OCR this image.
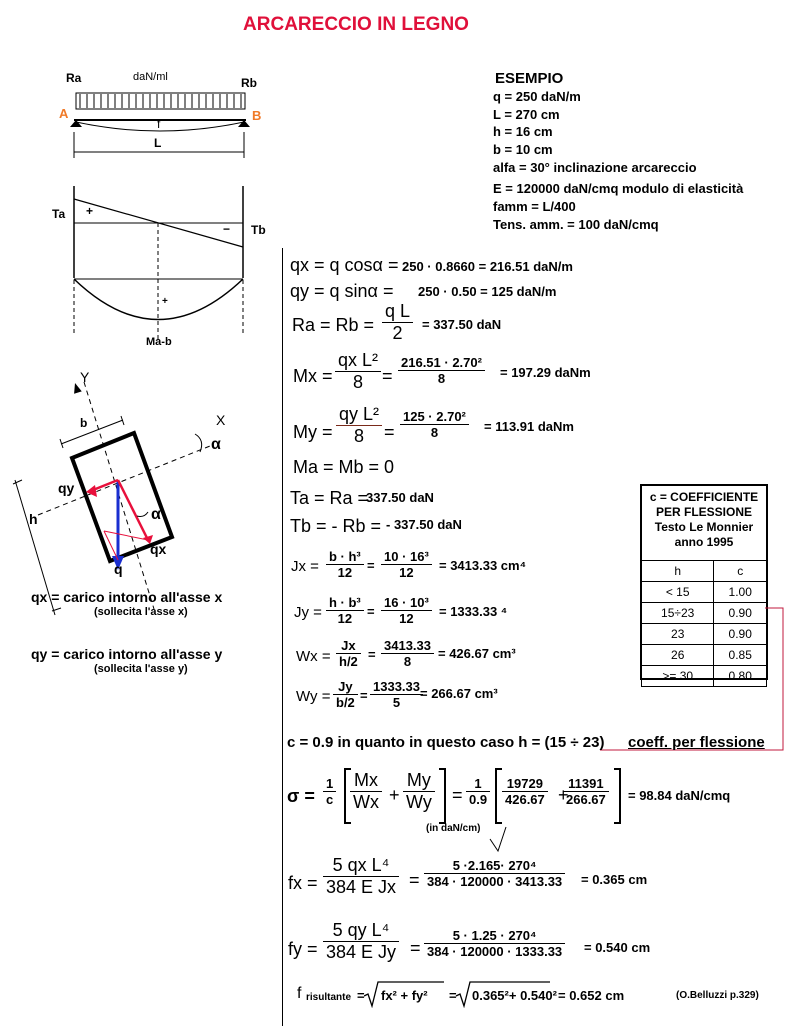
ARCARECCIO IN LEGNO
Ra	daN/ml	Rb
A	B
f
L
Ta +
− Tb
+
Ma-b
Y
X
b
α
qy
h	α
qx
q
qx = carico intorno all'asse x
(sollecita l'asse x)
qy = carico intorno all'asse y
(sollecita l'asse y)
ESEMPIO
q = 250 daN/m
L = 270 cm
h = 16 cm
b = 10 cm
alfa = 30° inclinazione arcareccio
E = 120000 daN/cmq modulo di elasticità
famm = L/400
Tens. amm. = 100 daN/cmq
qx = q cosα = 250 · 0.8660 = 216.51 daN/m
qy = q sinα = 250 · 0.50 = 125 daN/m
Ra = Rb =
q L
2 = 337.50 daN
Mx =
qx L²
8 =
216.51 · 2.70²
8	= 197.29 daNm
My =
qy L²
8 =
125 · 2.70²
8	= 113.91 daNm
Ma = Mb = 0
Ta = Ra =
337.50 daN
Tb = - Rb = - 337.50 daN
Jx =
b · h³
12 =
10 · 16³
12 = 3413.33 cm⁴
Jy =
h · b³
12 =
16 · 10³
12 = 1333.33 ⁴
Wx =
Jx
h/2 =
3413.33
8
= 426.67 cm³
Wy =
Jy
b/2 =
1333.33
5
= 266.67 cm³
c = COEFFICIENTE
PER FLESSIONE
Testo Le Monnier
anno 1995
h	c
< 15	1.00
15÷23	0.90
23	0.90
26	0.85
>= 30	0.80
c = 0.9 in quanto in questo caso h = (15 ÷ 23) coeff. per flessione
σ =
1
c
Mx
Wx +
My
Wy =
1
0.9
19729
426.67 +
11391
266.67 = 98.84 daN/cmq
(in daN/cm)
fx =
5 qx L⁴
384 E Jx =
5 ·2.165· 270⁴
384 · 120000 · 3413.33 = 0.365 cm
fy =
5 qy L⁴
384 E Jy =
5 · 1.25 · 270⁴
384 · 120000 · 1333.33 = 0.540 cm
f risultante = fx² + fy² = 0.365²+ 0.540² = 0.652 cm	(O.Belluzzi p.329)
